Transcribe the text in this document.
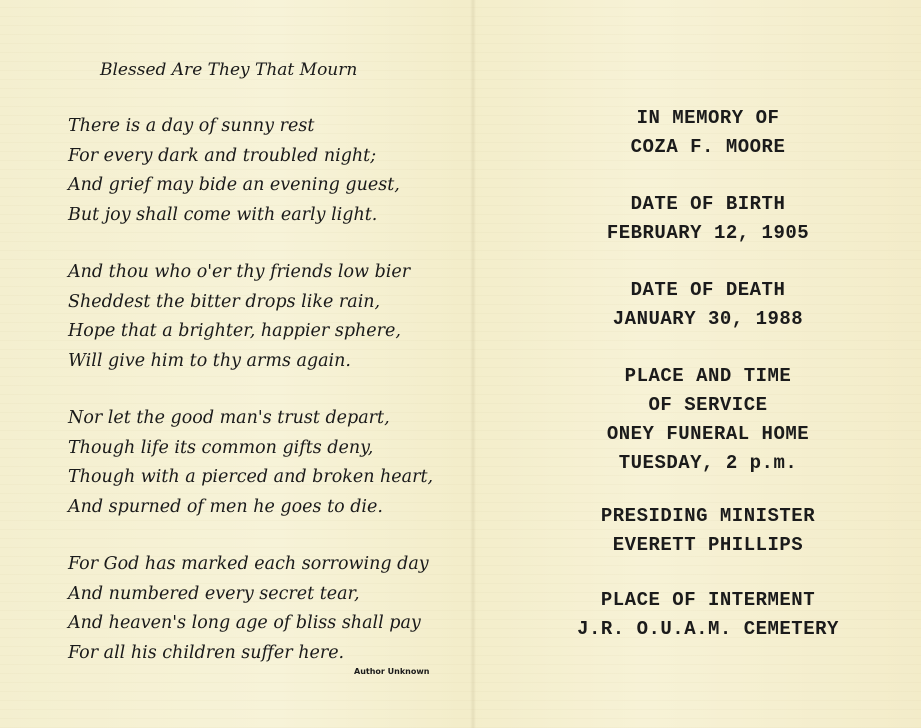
Blessed Are They That Mourn
There is a day of sunny rest
For every dark and troubled night;
And grief may bide an evening guest,
But joy shall come with early light.
And thou who o'er thy friends low bier
Sheddest the bitter drops like rain,
Hope that a brighter, happier sphere,
Will give him to thy arms again.
Nor let the good man's trust depart,
Though life its common gifts deny,
Though with a pierced and broken heart,
And spurned of men he goes to die.
For God has marked each sorrowing day
And numbered every secret tear,
And heaven's long age of bliss shall pay
For all his children suffer here.
Author Unknown
IN MEMORY OF
COZA F. MOORE
DATE OF BIRTH
FEBRUARY 12, 1905
DATE OF DEATH
JANUARY 30, 1988
PLACE AND TIME
OF SERVICE
ONEY FUNERAL HOME
TUESDAY, 2 p.m.
PRESIDING MINISTER
EVERETT PHILLIPS
PLACE OF INTERMENT
J.R. O.U.A.M. CEMETERY
